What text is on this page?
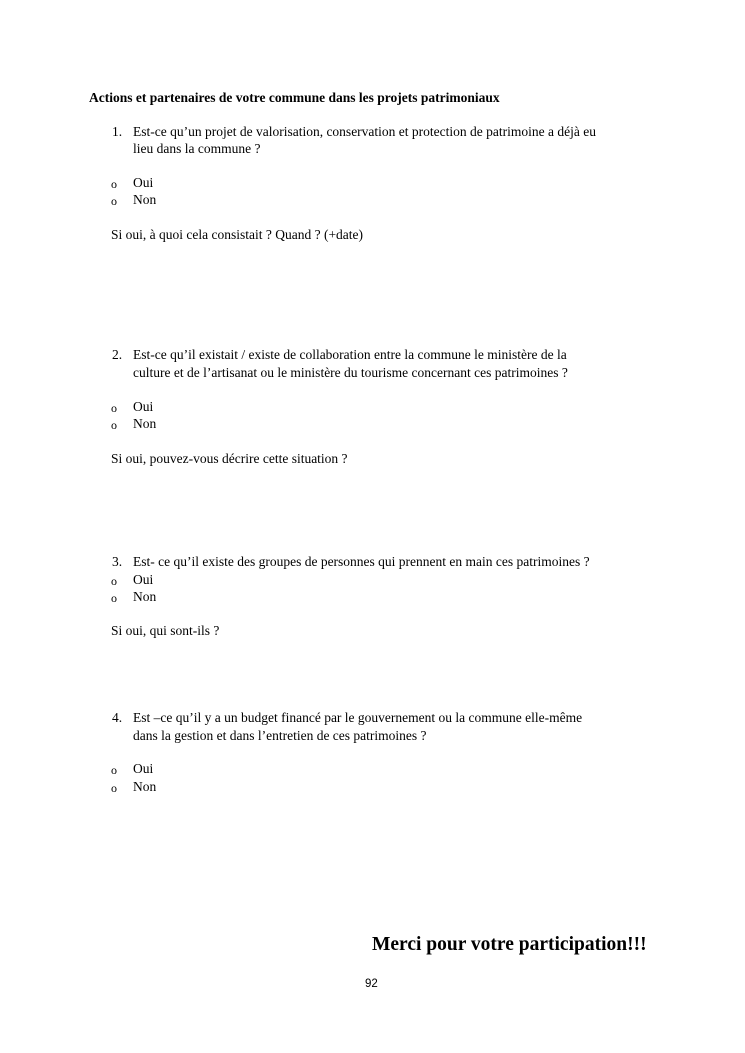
Actions et partenaires de votre commune dans les projets patrimoniaux
1. Est-ce qu’un projet de valorisation, conservation et protection de patrimoine a déjà eu
lieu dans la commune ?
o Oui
o Non
Si oui, à quoi cela consistait ? Quand ? (+date)
2. Est-ce qu’il existait / existe de collaboration entre la commune le ministère de la
culture et de l’artisanat ou le ministère du tourisme concernant ces patrimoines ?
o Oui
o Non
Si oui, pouvez-vous décrire cette situation ?
3. Est- ce qu’il existe des groupes de personnes qui prennent en main ces patrimoines ?
o Oui
o Non
Si oui, qui sont-ils ?
4. Est –ce qu’il y a un budget financé par le gouvernement ou la commune elle-même
dans la gestion et dans l’entretien de ces patrimoines ?
o Oui
o Non
Merci pour votre participation!!!
92
